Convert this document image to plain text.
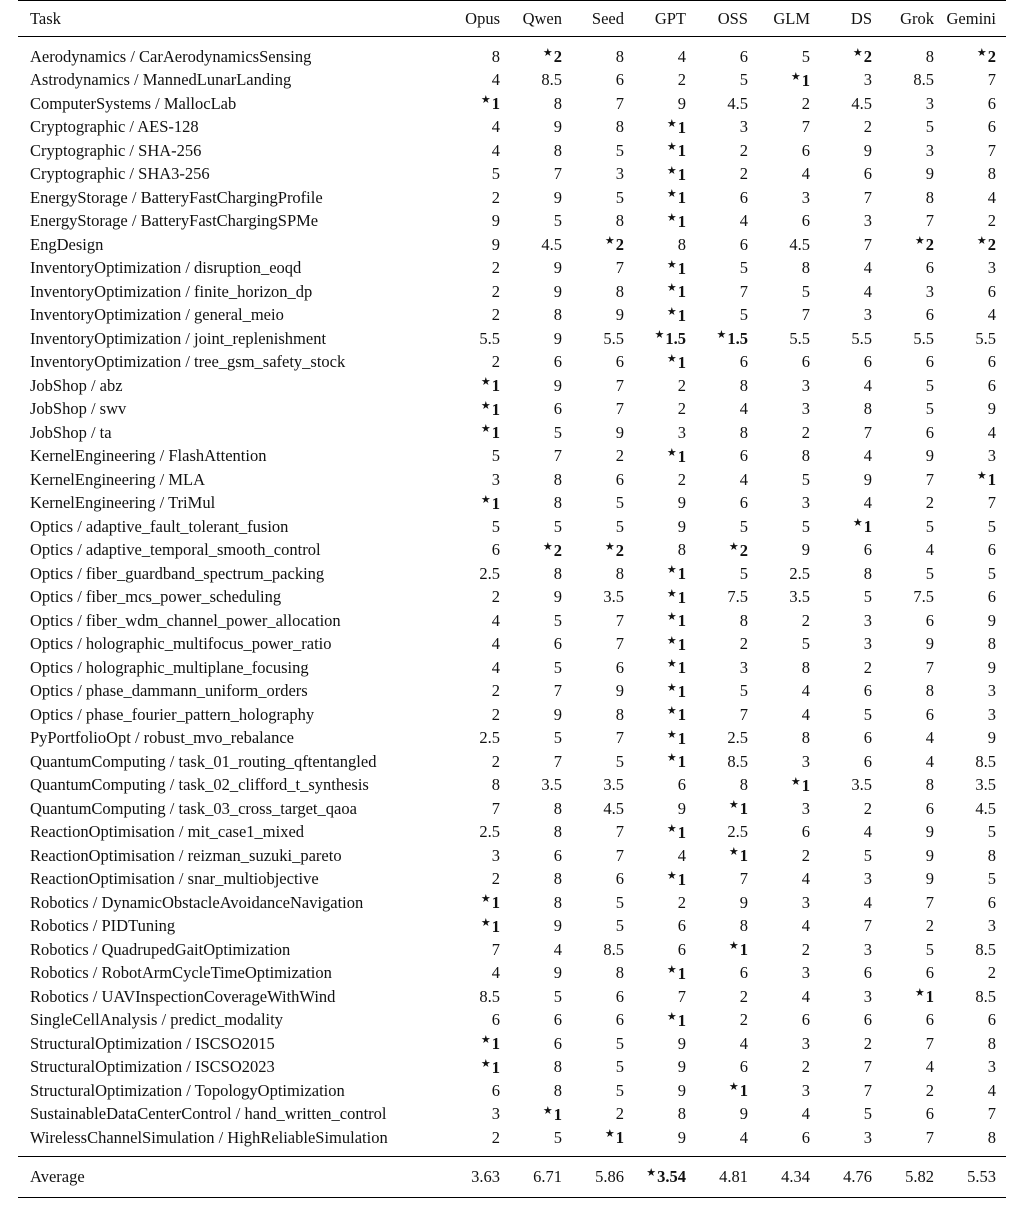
Task	Opus	Qwen	Seed	GPT	OSS	GLM	DS	Grok	Gemini
Aerodynamics / CarAerodynamicsSensing	8	★2	8	4	6	5	★2	8	★2
Astrodynamics / MannedLunarLanding	4	8.5	6	2	5	★1	3	8.5	7
ComputerSystems / MallocLab	★1	8	7	9	4.5	2	4.5	3	6
Cryptographic / AES-128	4	9	8	★1	3	7	2	5	6
Cryptographic / SHA-256	4	8	5	★1	2	6	9	3	7
Cryptographic / SHA3-256	5	7	3	★1	2	4	6	9	8
EnergyStorage / BatteryFastChargingProfile	2	9	5	★1	6	3	7	8	4
EnergyStorage / BatteryFastChargingSPMe	9	5	8	★1	4	6	3	7	2
EngDesign	9	4.5	★2	8	6	4.5	7	★2	★2
InventoryOptimization / disruption_eoqd	2	9	7	★1	5	8	4	6	3
InventoryOptimization / finite_horizon_dp	2	9	8	★1	7	5	4	3	6
InventoryOptimization / general_meio	2	8	9	★1	5	7	3	6	4
InventoryOptimization / joint_replenishment	5.5	9	5.5	★1.5	★1.5	5.5	5.5	5.5	5.5
InventoryOptimization / tree_gsm_safety_stock	2	6	6	★1	6	6	6	6	6
JobShop / abz	★1	9	7	2	8	3	4	5	6
JobShop / swv	★1	6	7	2	4	3	8	5	9
JobShop / ta	★1	5	9	3	8	2	7	6	4
KernelEngineering / FlashAttention	5	7	2	★1	6	8	4	9	3
KernelEngineering / MLA	3	8	6	2	4	5	9	7	★1
KernelEngineering / TriMul	★1	8	5	9	6	3	4	2	7
Optics / adaptive_fault_tolerant_fusion	5	5	5	9	5	5	★1	5	5
Optics / adaptive_temporal_smooth_control	6	★2	★2	8	★2	9	6	4	6
Optics / fiber_guardband_spectrum_packing	2.5	8	8	★1	5	2.5	8	5	5
Optics / fiber_mcs_power_scheduling	2	9	3.5	★1	7.5	3.5	5	7.5	6
Optics / fiber_wdm_channel_power_allocation	4	5	7	★1	8	2	3	6	9
Optics / holographic_multifocus_power_ratio	4	6	7	★1	2	5	3	9	8
Optics / holographic_multiplane_focusing	4	5	6	★1	3	8	2	7	9
Optics / phase_dammann_uniform_orders	2	7	9	★1	5	4	6	8	3
Optics / phase_fourier_pattern_holography	2	9	8	★1	7	4	5	6	3
PyPortfolioOpt / robust_mvo_rebalance	2.5	5	7	★1	2.5	8	6	4	9
QuantumComputing / task_01_routing_qftentangled	2	7	5	★1	8.5	3	6	4	8.5
QuantumComputing / task_02_clifford_t_synthesis	8	3.5	3.5	6	8	★1	3.5	8	3.5
QuantumComputing / task_03_cross_target_qaoa	7	8	4.5	9	★1	3	2	6	4.5
ReactionOptimisation / mit_case1_mixed	2.5	8	7	★1	2.5	6	4	9	5
ReactionOptimisation / reizman_suzuki_pareto	3	6	7	4	★1	2	5	9	8
ReactionOptimisation / snar_multiobjective	2	8	6	★1	7	4	3	9	5
Robotics / DynamicObstacleAvoidanceNavigation	★1	8	5	2	9	3	4	7	6
Robotics / PIDTuning	★1	9	5	6	8	4	7	2	3
Robotics / QuadrupedGaitOptimization	7	4	8.5	6	★1	2	3	5	8.5
Robotics / RobotArmCycleTimeOptimization	4	9	8	★1	6	3	6	6	2
Robotics / UAVInspectionCoverageWithWind	8.5	5	6	7	2	4	3	★1	8.5
SingleCellAnalysis / predict_modality	6	6	6	★1	2	6	6	6	6
StructuralOptimization / ISCSO2015	★1	6	5	9	4	3	2	7	8
StructuralOptimization / ISCSO2023	★1	8	5	9	6	2	7	4	3
StructuralOptimization / TopologyOptimization	6	8	5	9	★1	3	7	2	4
SustainableDataCenterControl / hand_written_control	3	★1	2	8	9	4	5	6	7
WirelessChannelSimulation / HighReliableSimulation	2	5	★1	9	4	6	3	7	8
Average	3.63	6.71	5.86	★3.54	4.81	4.34	4.76	5.82	5.53
